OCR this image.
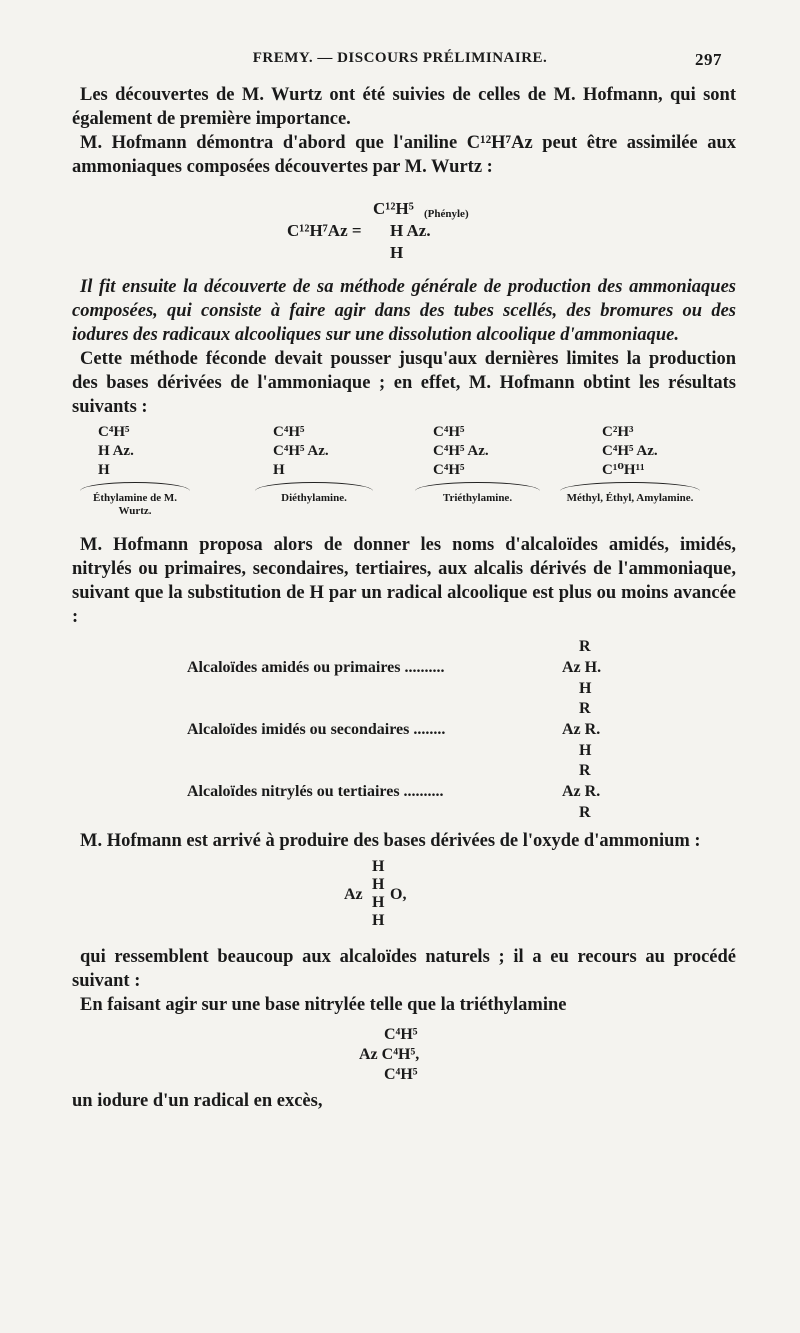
FREMY. — DISCOURS PRÉLIMINAIRE.	297

Les découvertes de M. Wurtz ont été suivies de celles de M. Hofmann, qui sont également de première importance.

M. Hofmann démontra d'abord que l'aniline C¹²H⁷Az peut être assimilée aux ammoniaques composées découvertes par M. Wurtz :

C¹²H⁵ (Phényle)
C¹²H⁷Az = H Az.
H

Il fit ensuite la découverte de sa méthode générale de production des ammoniaques composées, qui consiste à faire agir dans des tubes scellés, des bromures ou des iodures des radicaux alcooliques sur une dissolution alcoolique d'ammoniaque.

Cette méthode féconde devait pousser jusqu'aux dernières limites la production des bases dérivées de l'ammoniaque ; en effet, M. Hofmann obtint les résultats suivants :

C⁴H⁵
H Az.
H
Éthylamine de M. Wurtz.
C⁴H⁵
C⁴H⁵ Az.
H
Diéthylamine.
C⁴H⁵
C⁴H⁵ Az.
C⁴H⁵
Triéthylamine.
C²H³
C⁴H⁵ Az.
C¹⁰H¹¹
Méthyl, Éthyl, Amylamine.

M. Hofmann proposa alors de donner les noms d'alcaloïdes amidés, imidés, nitrylés ou primaires, secondaires, tertiaires, aux alcalis dérivés de l'ammoniaque, suivant que la substitution de H par un radical alcoolique est plus ou moins avancée :

R
Alcaloïdes amidés ou primaires ..........	Az H.
H
R
Alcaloïdes imidés ou secondaires ........	Az R.
H
R
Alcaloïdes nitrylés ou tertiaires ..........	Az R.
R

M. Hofmann est arrivé à produire des bases dérivées de l'oxyde d'ammonium :

H
H
Az H O,
H

qui ressemblent beaucoup aux alcaloïdes naturels ; il a eu recours au procédé suivant :

En faisant agir sur une base nitrylée telle que la triéthylamine

C⁴H⁵
Az C⁴H⁵,
C⁴H⁵

un iodure d'un radical en excès,
